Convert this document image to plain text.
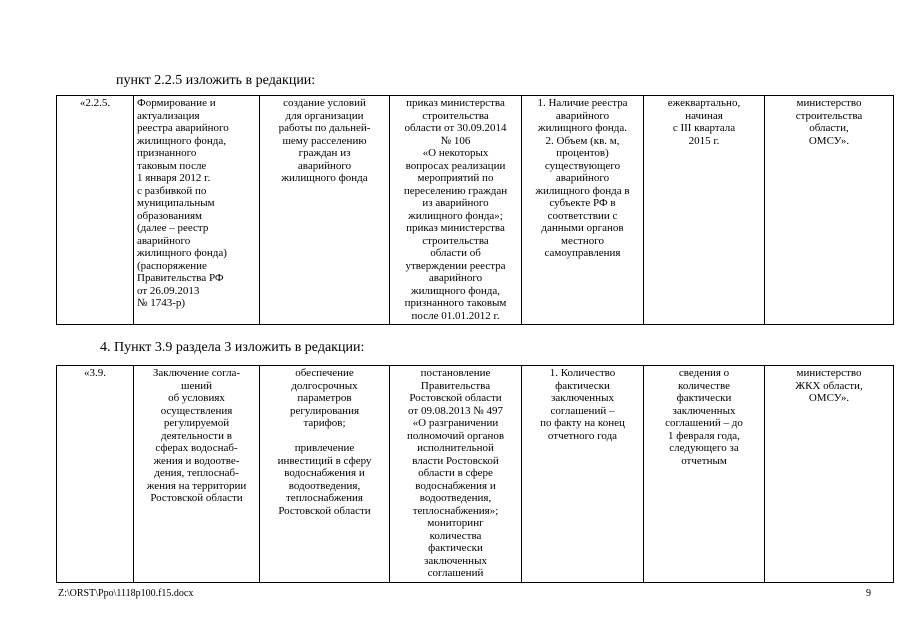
пункт 2.2.5 изложить в редакции:
«2.2.5.	Формирование и
актуализация
реестра аварийного
жилищного фонда,
признанного
таковым после
1 января 2012 г.
с разбивкой по
муниципальным
образованиям
(далее – реестр
аварийного
жилищного фонда)
(распоряжение
Правительства РФ
от 26.09.2013
№ 1743-р)	создание условий
для организации
работы по дальней-
шему расселению
граждан из
аварийного
жилищного фонда	приказ министерства
строительства
области от 30.09.2014
№ 106
«О некоторых
вопросах реализации
мероприятий по
переселению граждан
из аварийного
жилищного фонда»;
приказ министерства
строительства
области об
утверждении реестра
аварийного
жилищного фонда,
признанного таковым
после 01.01.2012 г.	1. Наличие реестра
аварийного
жилищного фонда.
2. Объем (кв. м,
процентов)
существующего
аварийного
жилищного фонда в
субъекте РФ в
соответствии с
данными органов
местного
самоуправления	ежеквартально,
начиная
с III квартала
2015 г.	министерство
строительства
области,
ОМСУ».
4. Пункт 3.9 раздела 3 изложить в редакции:
«3.9.	Заключение согла-
шений
об условиях
осуществления
регулируемой
деятельности в
сферах водоснаб-
жения и водоотве-
дения, теплоснаб-
жения на территории
Ростовской области	обеспечение
долгосрочных
параметров
регулирования
тарифов;

привлечение
инвестиций в сферу
водоснабжения и
водоотведения,
теплоснабжения
Ростовской области	постановление
Правительства
Ростовской области
от 09.08.2013 № 497
«О разграничении
полномочий органов
исполнительной
власти Ростовской
области в сфере
водоснабжения и
водоотведения,
теплоснабжения»;
мониторинг
количества
фактически
заключенных
соглашений	1. Количество
фактически
заключенных
соглашений –
по факту на конец
отчетного года	сведения о
количестве
фактически
заключенных
соглашений – до
1 февраля года,
следующего за
отчетным	министерство
ЖКХ области,
ОМСУ».
Z:\ORST\Ppo\1118p100.f15.docx	9
